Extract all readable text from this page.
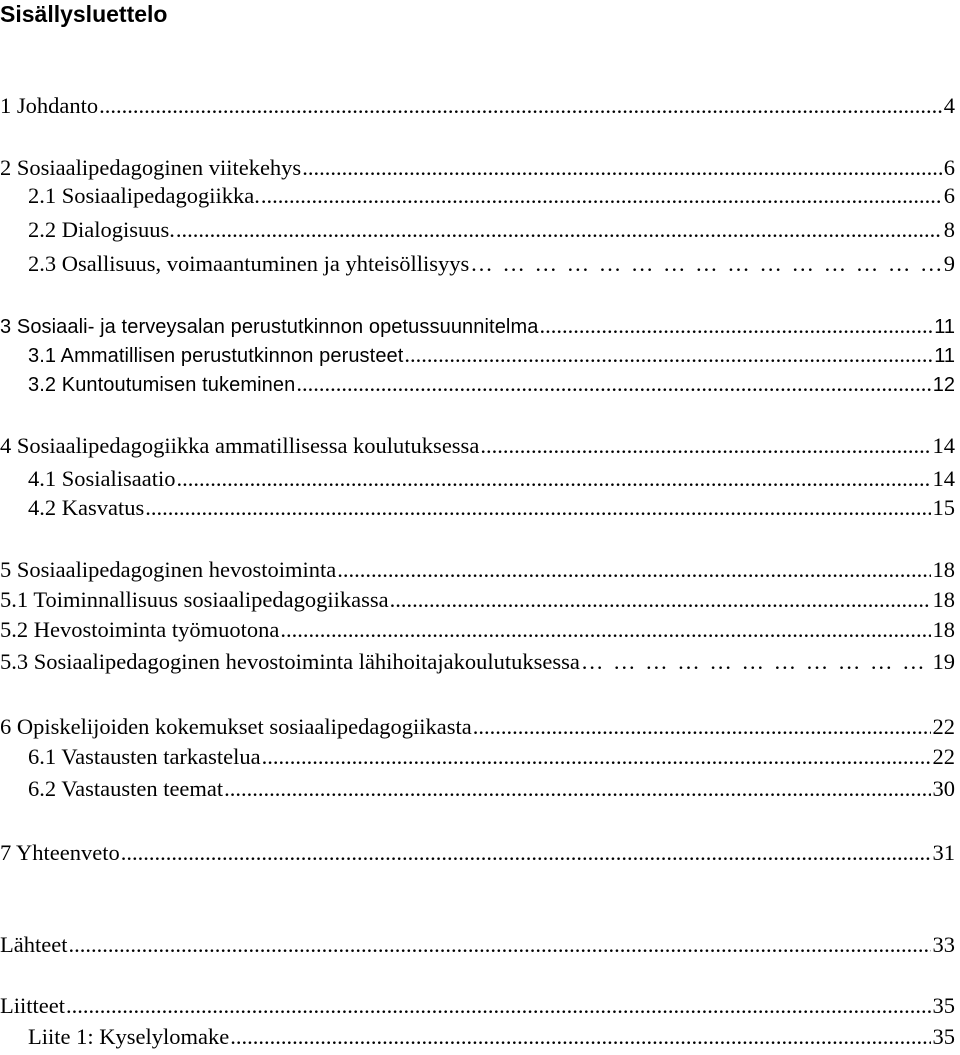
Sisällysluettelo
1 Johdanto .....	4
2 Sosiaalipedagoginen viitekehys .....	6
2.1 Sosiaalipedagogiikka. .....	6
2.2 Dialogisuus. .....	8
2.3 Osallisuus, voimaantuminen ja yhteisöllisyys … … … … … … … … … … … … … … … … … … … … … … … … … … … … … … …	9
3 Sosiaali- ja terveysalan perustutkinnon opetussuunnitelma .....	11
3.1 Ammatillisen perustutkinnon perusteet .....	11
3.2 Kuntoutumisen tukeminen .....	12
4 Sosiaalipedagogiikka ammatillisessa koulutuksessa .....	14
4.1 Sosialisaatio .....	14
4.2 Kasvatus .....	15
5 Sosiaalipedagoginen hevostoiminta .....	18
5.1 Toiminnallisuus sosiaalipedagogiikassa .....	18
5.2 Hevostoiminta työmuotona .....	18
5.3 Sosiaalipedagoginen hevostoiminta lähihoitajakoulutuksessa … … … … … … … … … … … … … … … … … … … … … … … … … … … … … … …	19
6 Opiskelijoiden kokemukset sosiaalipedagogiikasta .....	22
6.1 Vastausten tarkastelua .....	22
6.2 Vastausten teemat .....	30
7 Yhteenveto .....	31
Lähteet .....	33
Liitteet .....	35
Liite 1: Kyselylomake .....	35
